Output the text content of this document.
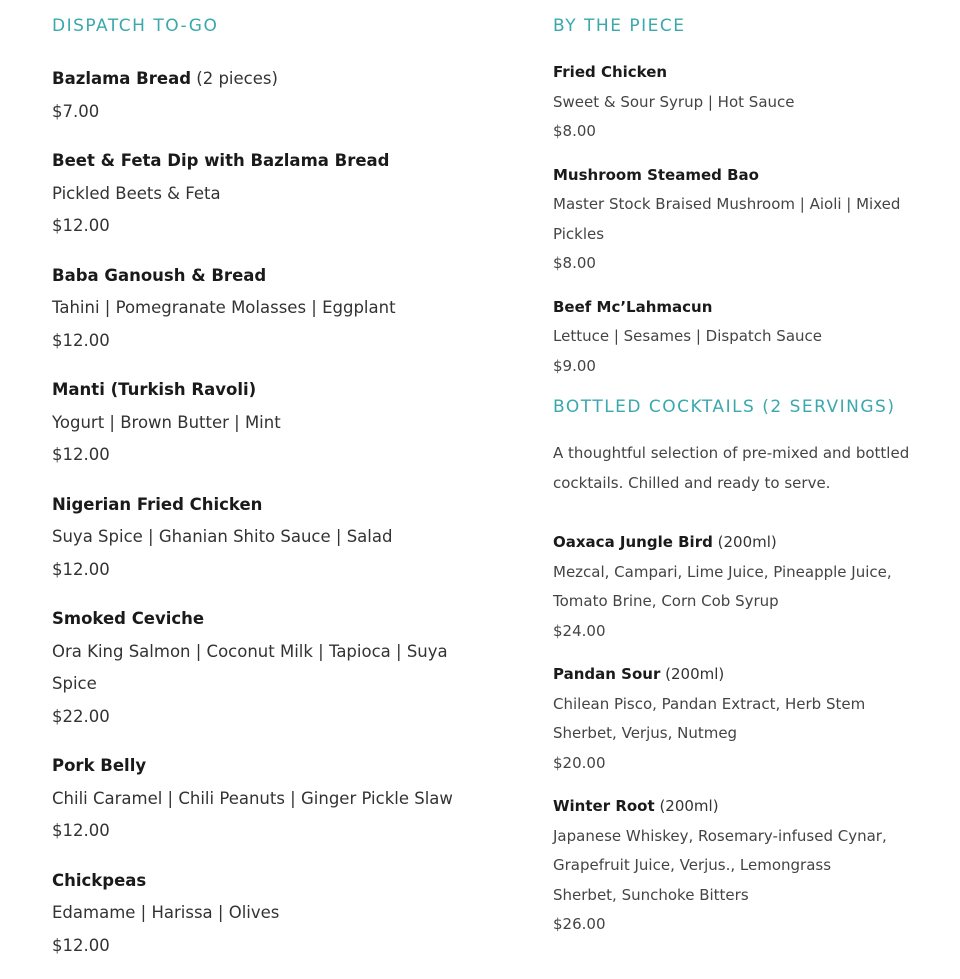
DISPATCH TO-GO
Bazlama Bread (2 pieces)
$7.00
Beet & Feta Dip with Bazlama Bread
Pickled Beets & Feta
$12.00
Baba Ganoush & Bread
Tahini | Pomegranate Molasses | Eggplant
$12.00
Manti (Turkish Ravoli)
Yogurt | Brown Butter | Mint
$12.00
Nigerian Fried Chicken
Suya Spice | Ghanian Shito Sauce | Salad
$12.00
Smoked Ceviche
Ora King Salmon | Coconut Milk | Tapioca | Suya Spice
$22.00
Pork Belly
Chili Caramel | Chili Peanuts | Ginger Pickle Slaw
$12.00
Chickpeas
Edamame | Harissa | Olives
$12.00
BY THE PIECE
Fried Chicken
Sweet & Sour Syrup | Hot Sauce
$8.00
Mushroom Steamed Bao
Master Stock Braised Mushroom | Aioli | Mixed Pickles
$8.00
Beef Mc’Lahmacun
Lettuce | Sesames | Dispatch Sauce
$9.00
BOTTLED COCKTAILS (2 SERVINGS)
A thoughtful selection of pre-mixed and bottled cocktails. Chilled and ready to serve.
Oaxaca Jungle Bird (200ml)
Mezcal, Campari, Lime Juice, Pineapple Juice, Tomato Brine, Corn Cob Syrup
$24.00
Pandan Sour (200ml)
Chilean Pisco, Pandan Extract, Herb Stem Sherbet, Verjus, Nutmeg
$20.00
Winter Root (200ml)
Japanese Whiskey, Rosemary-infused Cynar, Grapefruit Juice, Verjus., Lemongrass Sherbet, Sunchoke Bitters
$26.00
